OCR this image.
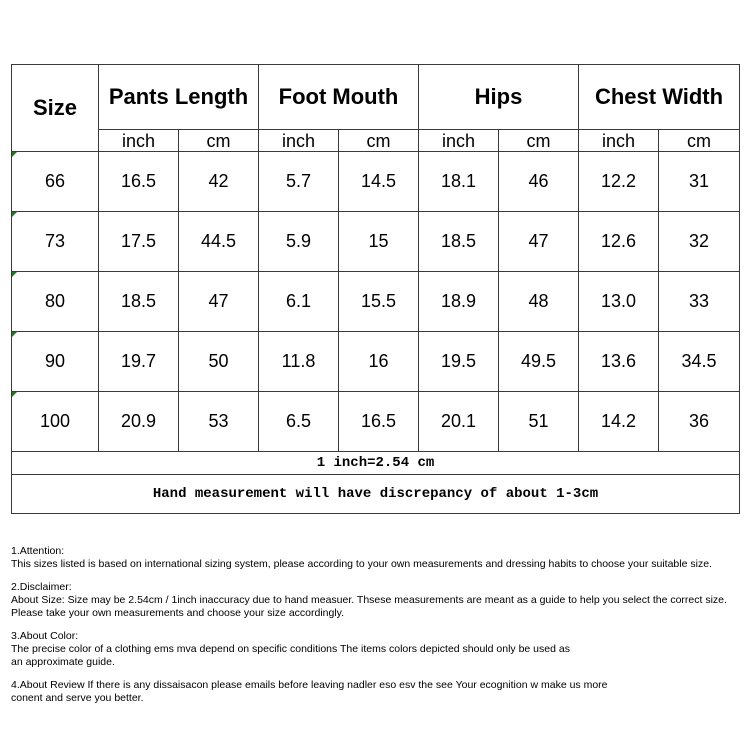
Size	Pants Length		Foot Mouth		Hips		Chest Width	
	inch	cm	inch	cm	inch	cm	inch	cm
66	16.5	42	5.7	14.5	18.1	46	12.2	31
73	17.5	44.5	5.9	15	18.5	47	12.6	32
80	18.5	47	6.1	15.5	18.9	48	13.0	33
90	19.7	50	11.8	16	19.5	49.5	13.6	34.5
100	20.9	53	6.5	16.5	20.1	51	14.2	36
1 inch=2.54 cm								
Hand measurement will have discrepancy of about 1-3cm								

1.Attention:

This sizes listed is based on international sizing system, please according to your own measurements and dressing habits to choose your suitable size.

2.Disclaimer:

About Size: Size may be 2.54cm / 1inch inaccuracy due to hand measuer. Thsese measurements are meant as a guide to help you select the correct size.

Please take your own measurements and choose your size accordingly.

3.About Color:

The precise color of a clothing ems mva depend on specific conditions The items colors depicted should only be used as

an approximate guide.

4.About Review If there is any dissaisacon please emails before leaving nadler eso esv the see Your ecognition w make us more

conent and serve you better.
